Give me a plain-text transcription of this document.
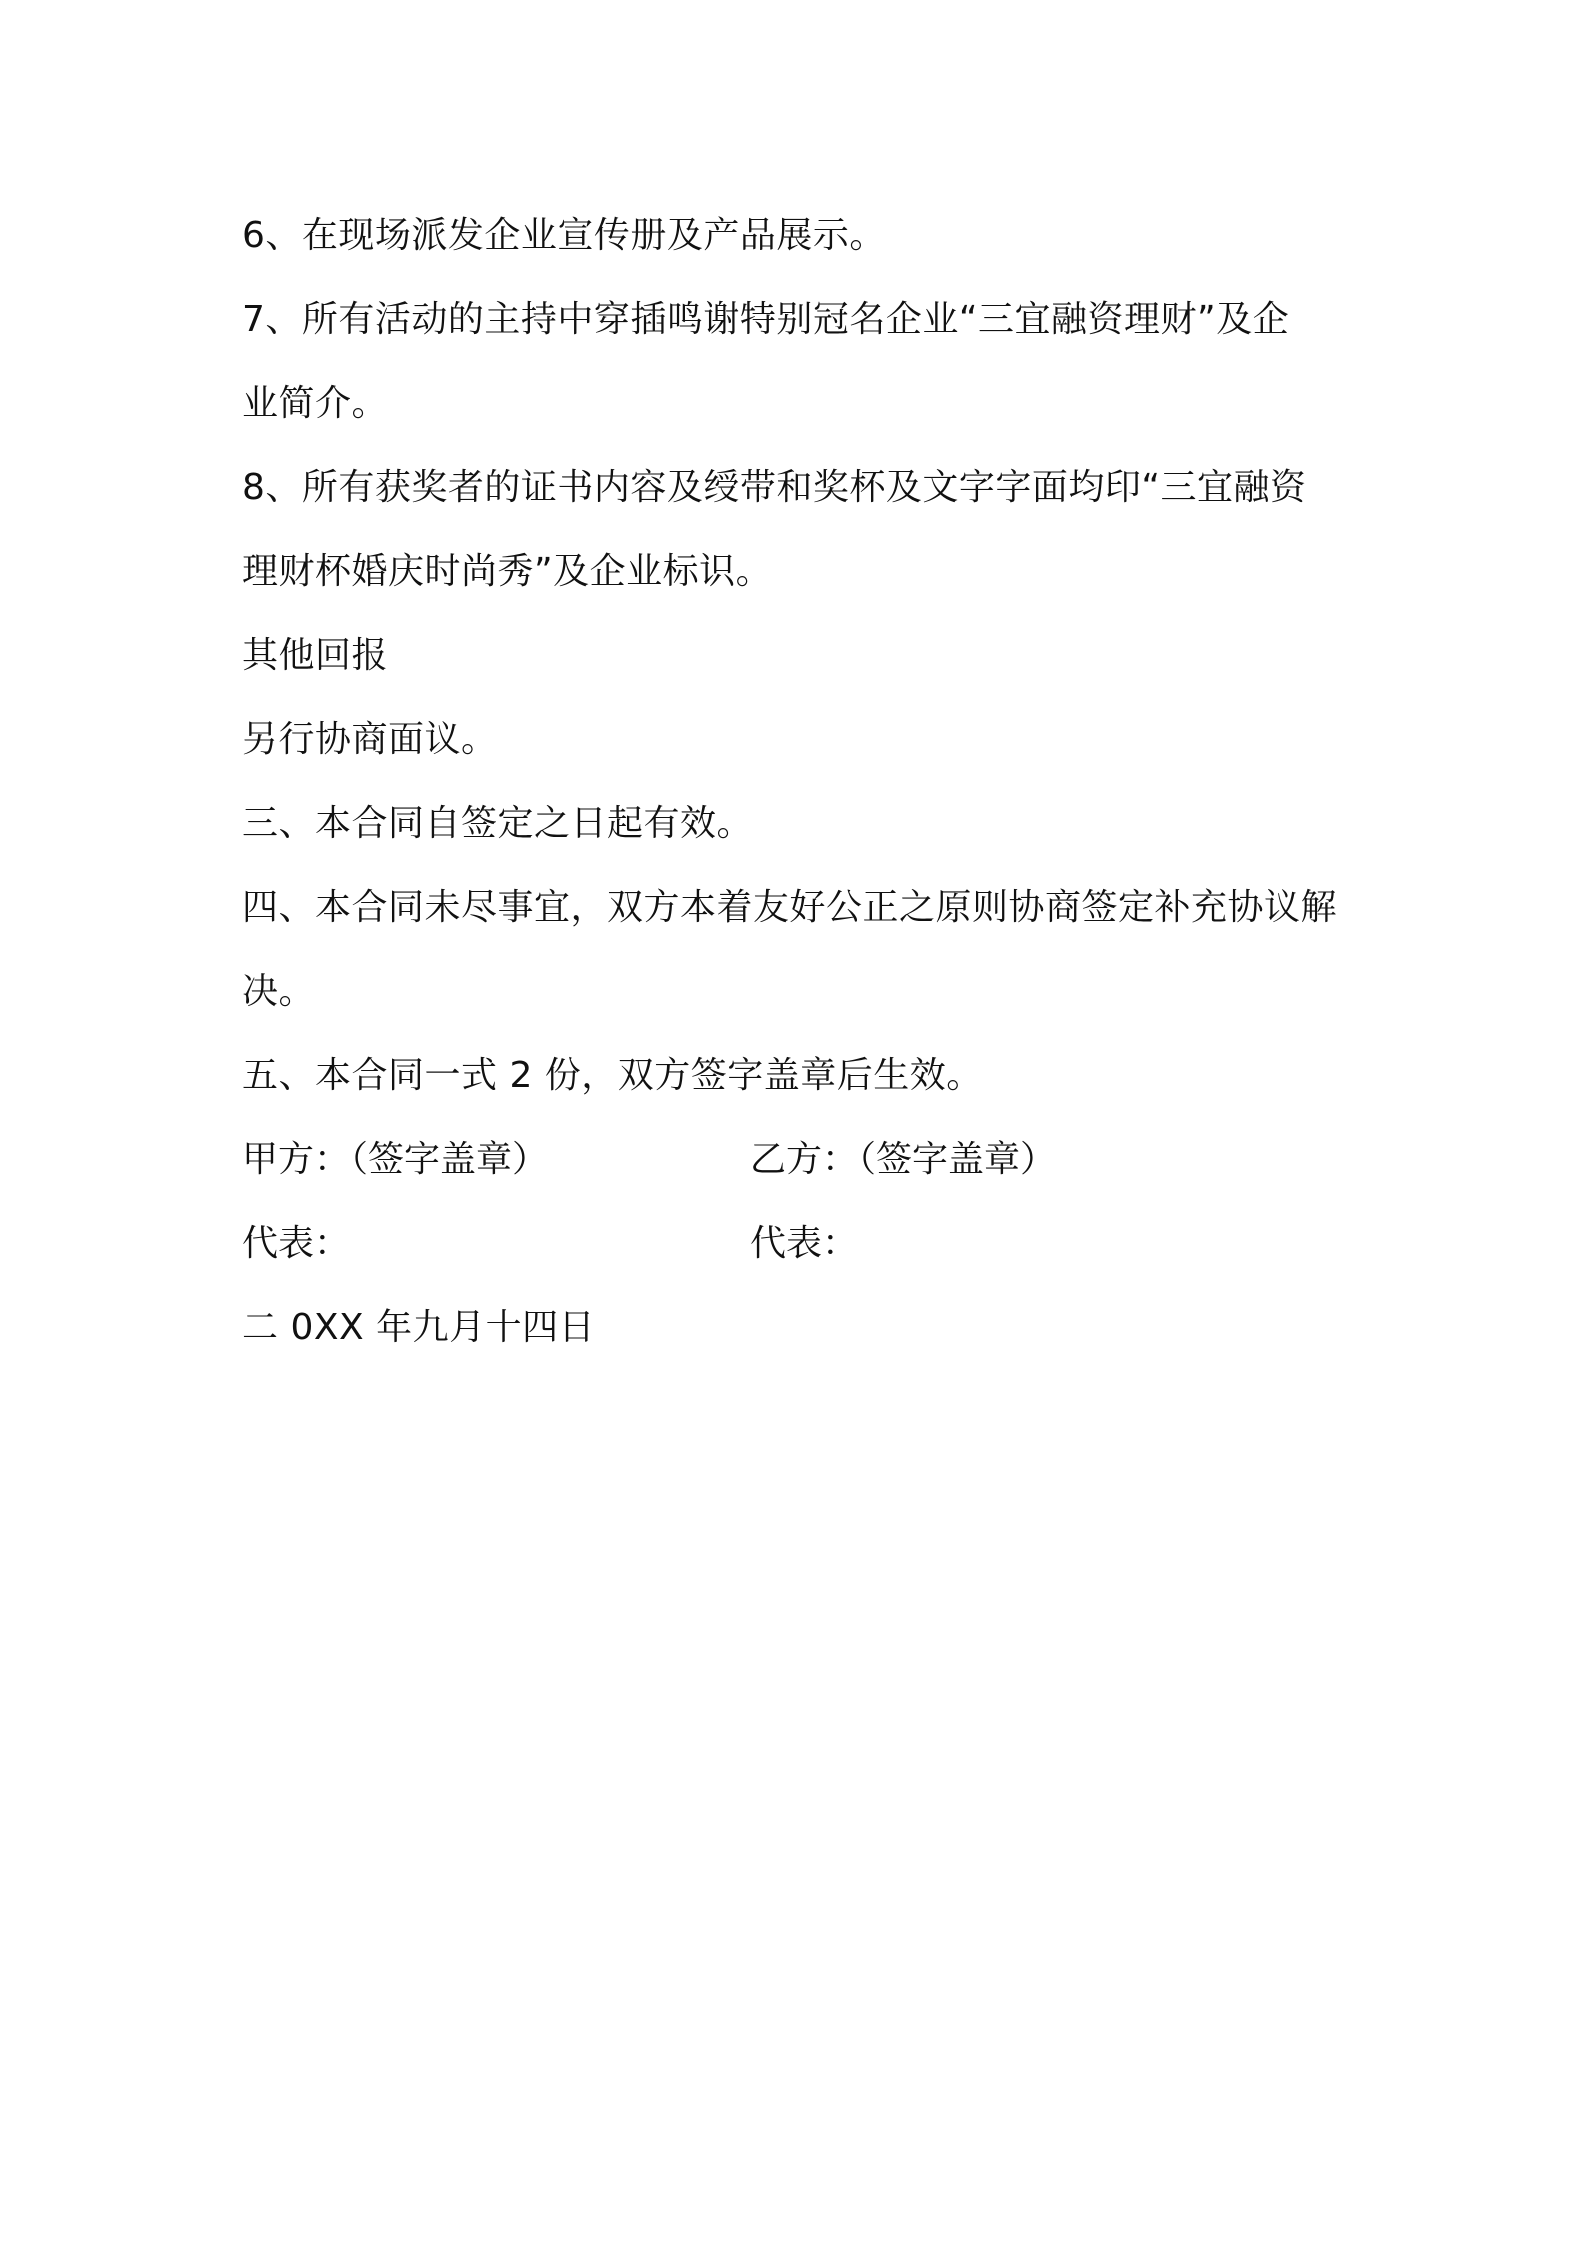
6、在现场派发企业宣传册及产品展示。
7、所有活动的主持中穿插鸣谢特别冠名企业“三宜融资理财”及企
业简介。
8、所有获奖者的证书内容及绶带和奖杯及文字字面均印“三宜融资
理财杯婚庆时尚秀”及企业标识。
其他回报
另行协商面议。
三、本合同自签定之日起有效。
四、本合同未尽事宜，双方本着友好公正之原则协商签定补充协议解
决。
五、本合同一式 2 份，双方签字盖章后生效。
甲方：（签字盖章）	乙方：（签字盖章）
代表：	代表：
二 0XX 年九月十四日
